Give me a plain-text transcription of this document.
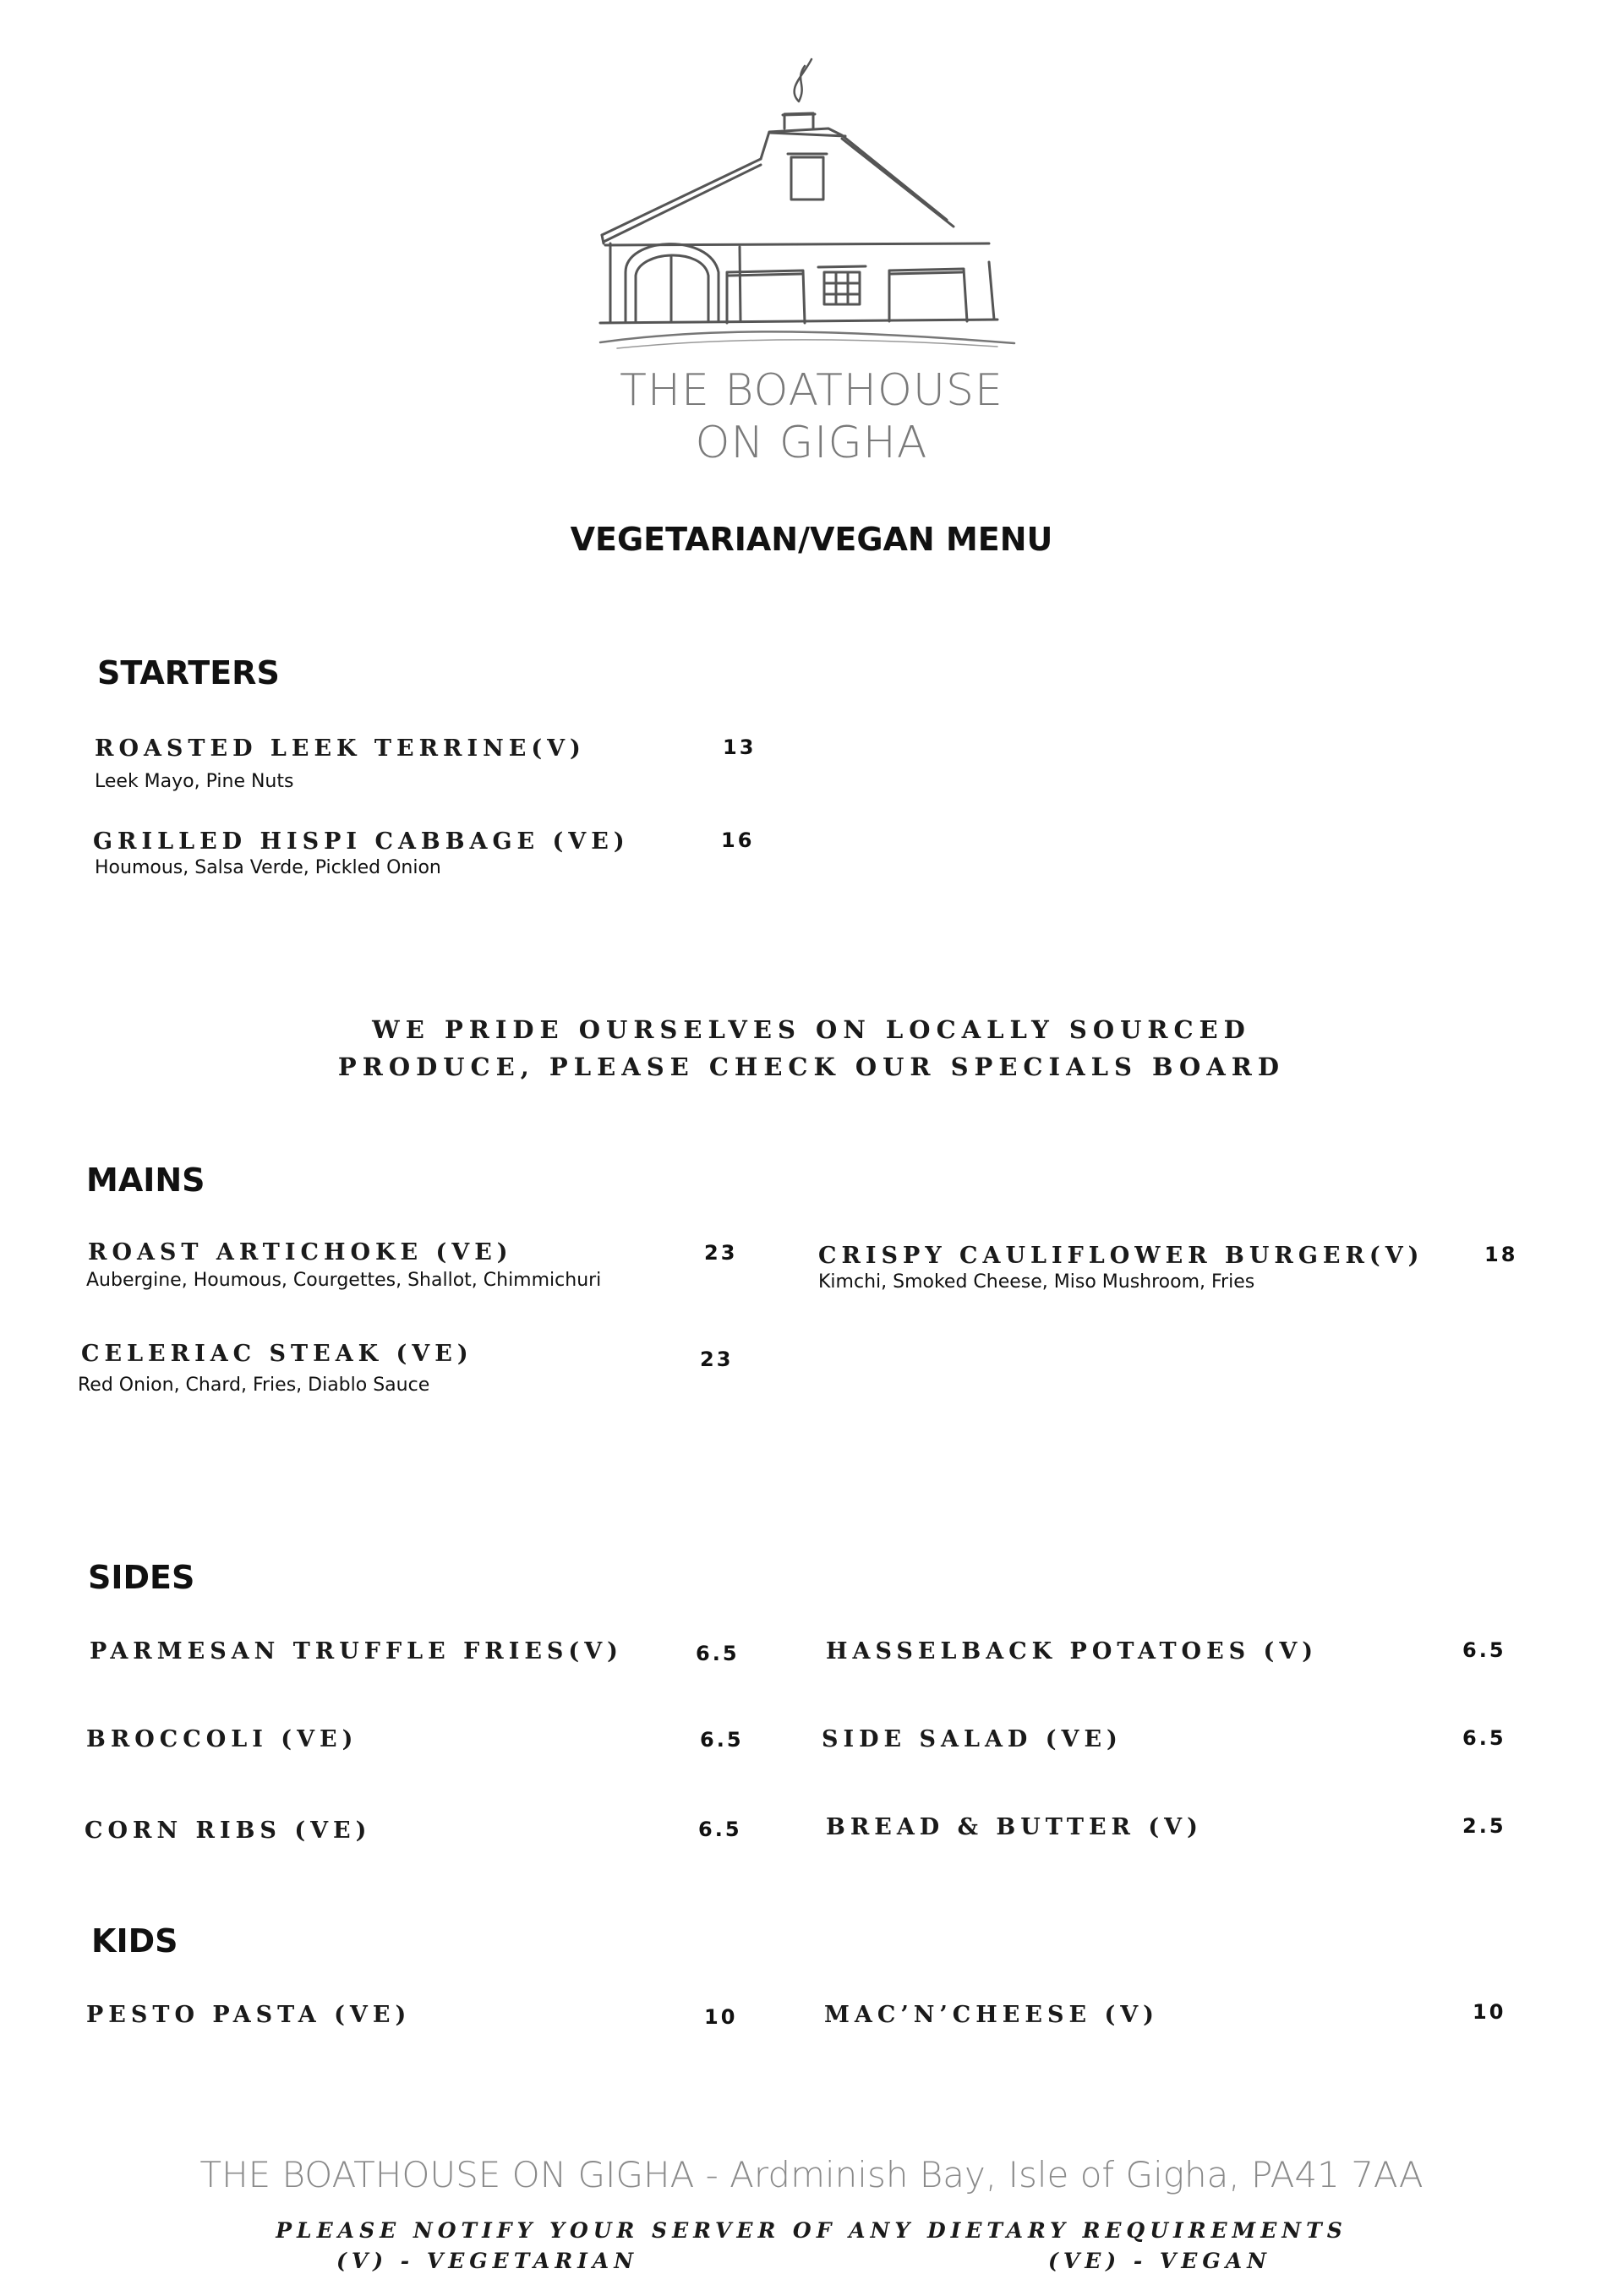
THE BOATHOUSE
ON GIGHA
VEGETARIAN/VEGAN MENU
STARTERS
ROASTED LEEK TERRINE(V)
Leek Mayo, Pine Nuts
13
GRILLED HISPI CABBAGE (VE)
Houmous, Salsa Verde, Pickled Onion
16
WE PRIDE OURSELVES ON LOCALLY SOURCED
PRODUCE, PLEASE CHECK OUR SPECIALS BOARD
MAINS
ROAST ARTICHOKE (VE)
Aubergine, Houmous, Courgettes, Shallot, Chimmichuri
23	CRISPY CAULIFLOWER BURGER(V)
Kimchi, Smoked Cheese, Miso Mushroom, Fries
18
CELERIAC STEAK (VE)
Red Onion, Chard, Fries, Diablo Sauce
23
SIDES
PARMESAN TRUFFLE FRIES(V)	6.5	HASSELBACK POTATOES (V)	6.5
BROCCOLI (VE)	6.5	SIDE SALAD (VE)	6.5
CORN RIBS (VE)	6.5	BREAD & BUTTER (V)	2.5
KIDS
PESTO PASTA (VE)	10	MAC’N’CHEESE (V)	10
THE BOATHOUSE ON GIGHA - Ardminish Bay, Isle of Gigha, PA41 7AA
PLEASE NOTIFY YOUR SERVER OF ANY DIETARY REQUIREMENTS
(V) - VEGETARIAN	(VE) - VEGAN
